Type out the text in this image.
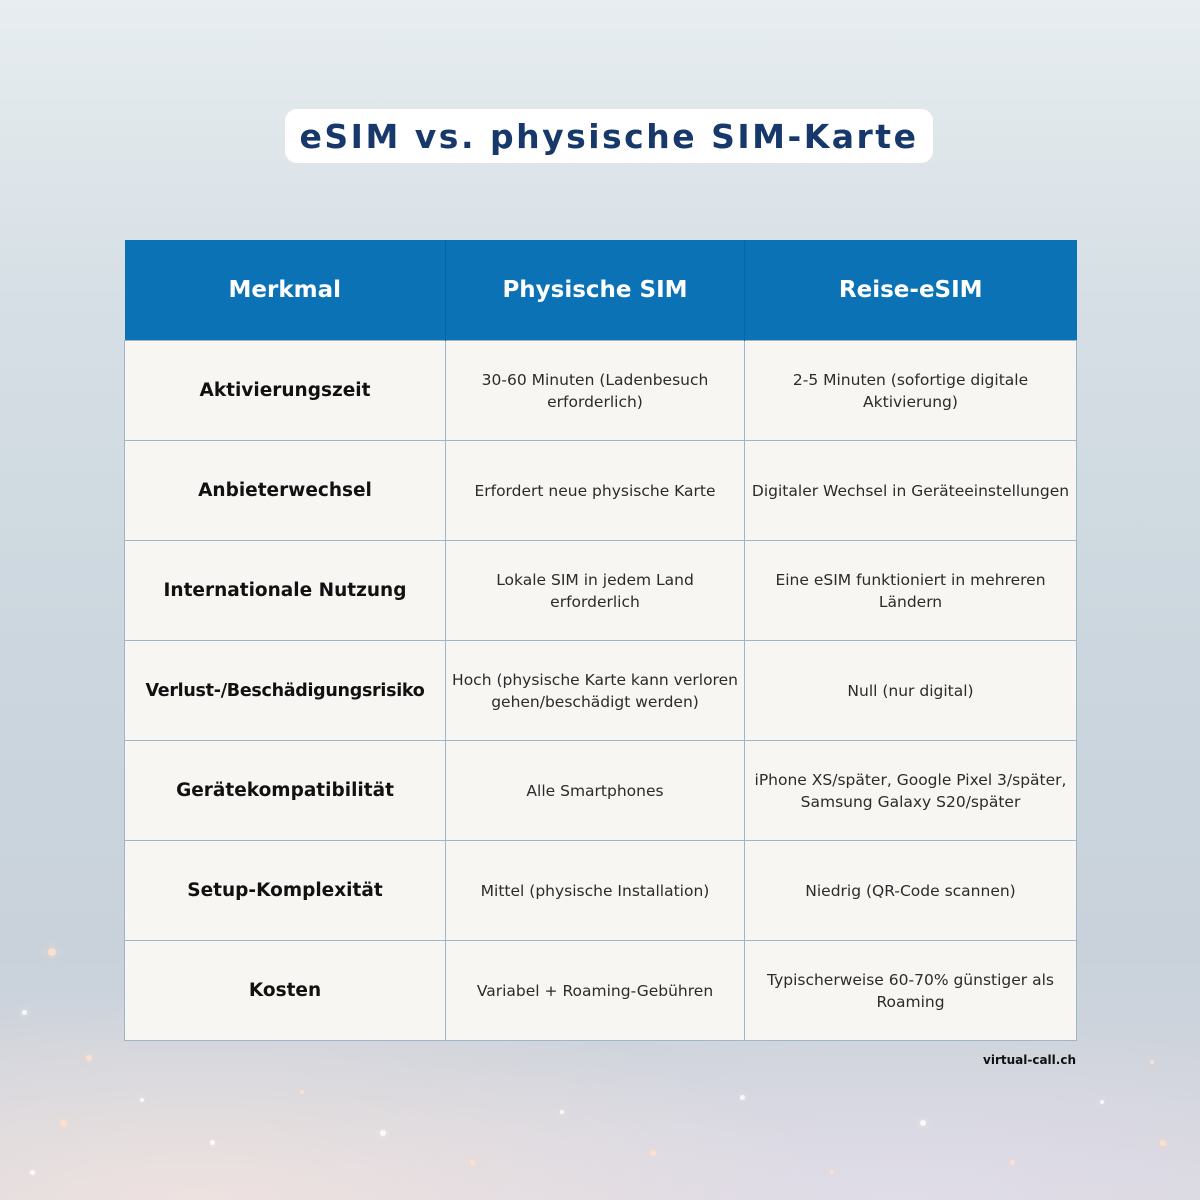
eSIM vs. physische SIM-Karte
Merkmal	Physische SIM	Reise-eSIM
Aktivierungszeit	30-60 Minuten (Ladenbesuch erforderlich)	2-5 Minuten (sofortige digitale Aktivierung)
Anbieterwechsel	Erfordert neue physische Karte	Digitaler Wechsel in Geräteeinstellungen
Internationale Nutzung	Lokale SIM in jedem Land erforderlich	Eine eSIM funktioniert in mehreren Ländern
Verlust-/Beschädigungsrisiko	Hoch (physische Karte kann verloren gehen/beschädigt werden)	Null (nur digital)
Gerätekompatibilität	Alle Smartphones	iPhone XS/später, Google Pixel 3/später, Samsung Galaxy S20/später
Setup-Komplexität	Mittel (physische Installation)	Niedrig (QR-Code scannen)
Kosten	Variabel + Roaming-Gebühren	Typischerweise 60-70% günstiger als Roaming
virtual-call.ch
